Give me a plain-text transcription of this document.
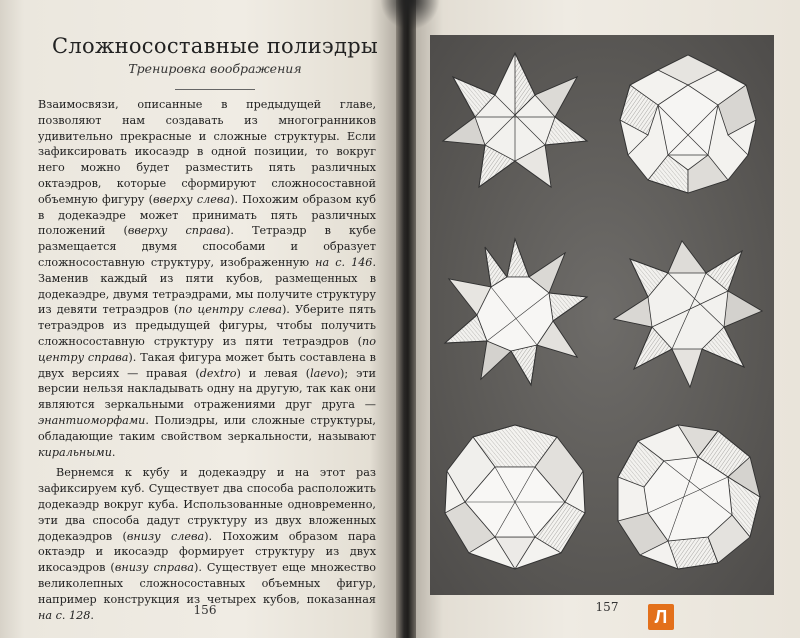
Сложносоставные полиэдры
Тренировка воображения

Взаимосвязи, описанные в предыдущей главе, позволяют нам создавать из многогранников удивительно прекрасные и сложные структуры. Если зафиксировать икосаэдр в одной позиции, то вокруг него можно будет разместить пять различных октаэдров, которые сформируют сложносоставной объемную фигуру (вверху слева). Похожим образом куб в додекаэдре может принимать пять различных положений (вверху справа). Тетраэдр в кубе размещается двумя способами и образует сложносоставную структуру, изображенную на с. 146. Заменив каждый из пяти кубов, размещенных в додекаэдре, двумя тетраэдрами, мы получите структуру из девяти тетраэдров (по центру слева). Уберите пять тетраэдров из предыдущей фигуры, чтобы получить сложносоставную структуру из пяти тетраэдров (по центру справа). Такая фигура может быть составлена в двух версиях — правая (dextro) и левая (laevo); эти версии нельзя накладывать одну на другую, так как они являются зеркальными отражениями друг друга — энантиоморфами. Полиэдры, или сложные структуры, обладающие таким свойством зеркальности, называют киральными.

Вернемся к кубу и додекаэдру и на этот раз зафиксируем куб. Существует два способа расположить додекаэдр вокруг куба. Использованные одновременно, эти два способа дадут структуру из двух вложенных додекаэдров (внизу слева). Похожим образом пара октаэдр и икосаэдр формирует структуру из двух икосаэдров (внизу справа). Существует еще множество великолепных сложносоставных объемных фигур, например конструкция из четырех кубов, показанная на с. 128.	156	157 Л
